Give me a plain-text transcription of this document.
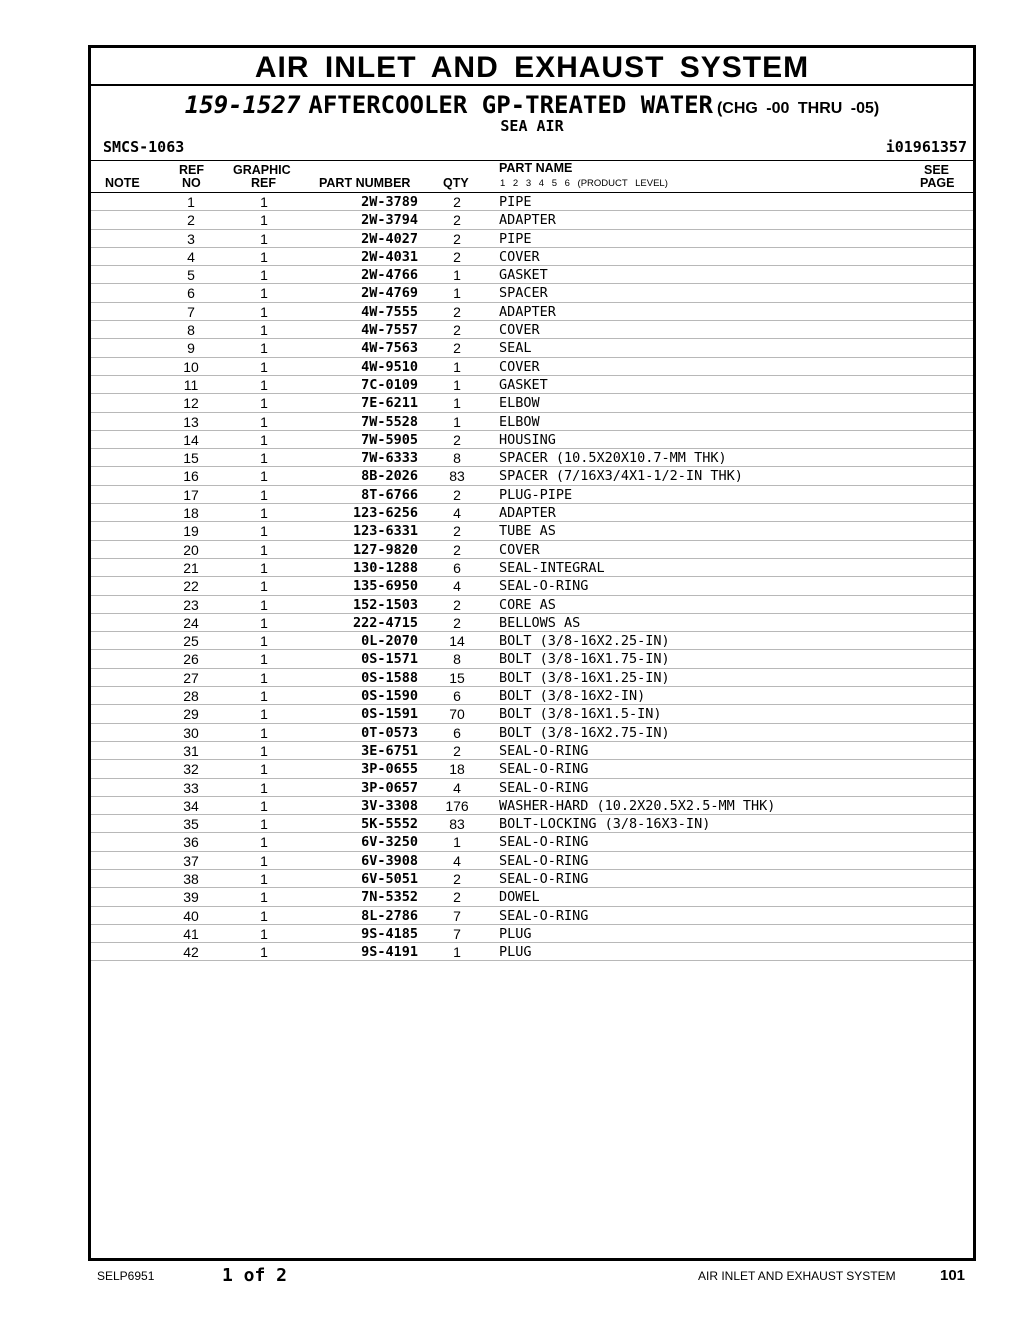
AIR INLET AND EXHAUST SYSTEM
159-1527 AFTERCOOLER GP-TREATED WATER (CHG -00 THRU -05)
SEA AIR
SMCS-1063	i01961357
NOTE
REF
NO
GRAPHIC
REF	PART NUMBER	QTY
PART NAME
1 2 3 4 5 6 (PRODUCT LEVEL)
SEE
PAGE
1	1	2W-3789	2	PIPE
2	1	2W-3794	2	ADAPTER
3	1	2W-4027	2	PIPE
4	1	2W-4031	2	COVER
5	1	2W-4766	1	GASKET
6	1	2W-4769	1	SPACER
7	1	4W-7555	2	ADAPTER
8	1	4W-7557	2	COVER
9	1	4W-7563	2	SEAL
10	1	4W-9510	1	COVER
11	1	7C-0109	1	GASKET
12	1	7E-6211	1	ELBOW
13	1	7W-5528	1	ELBOW
14	1	7W-5905	2	HOUSING
15	1	7W-6333	8	SPACER (10.5X20X10.7-MM THK)
16	1	8B-2026	83	SPACER (7/16X3/4X1-1/2-IN THK)
17	1	8T-6766	2	PLUG-PIPE
18	1	123-6256	4	ADAPTER
19	1	123-6331	2	TUBE AS
20	1	127-9820	2	COVER
21	1	130-1288	6	SEAL-INTEGRAL
22	1	135-6950	4	SEAL-O-RING
23	1	152-1503	2	CORE AS
24	1	222-4715	2	BELLOWS AS
25	1	0L-2070	14	BOLT (3/8-16X2.25-IN)
26	1	0S-1571	8	BOLT (3/8-16X1.75-IN)
27	1	0S-1588	15	BOLT (3/8-16X1.25-IN)
28	1	0S-1590	6	BOLT (3/8-16X2-IN)
29	1	0S-1591	70	BOLT (3/8-16X1.5-IN)
30	1	0T-0573	6	BOLT (3/8-16X2.75-IN)
31	1	3E-6751	2	SEAL-O-RING
32	1	3P-0655	18	SEAL-O-RING
33	1	3P-0657	4	SEAL-O-RING
34	1	3V-3308	176	WASHER-HARD (10.2X20.5X2.5-MM THK)
35	1	5K-5552	83	BOLT-LOCKING (3/8-16X3-IN)
36	1	6V-3250	1	SEAL-O-RING
37	1	6V-3908	4	SEAL-O-RING
38	1	6V-5051	2	SEAL-O-RING
39	1	7N-5352	2	DOWEL
40	1	8L-2786	7	SEAL-O-RING
41	1	9S-4185	7	PLUG
42	1	9S-4191	1	PLUG
SELP6951	1 of 2	AIR INLET AND EXHAUST SYSTEM	101
